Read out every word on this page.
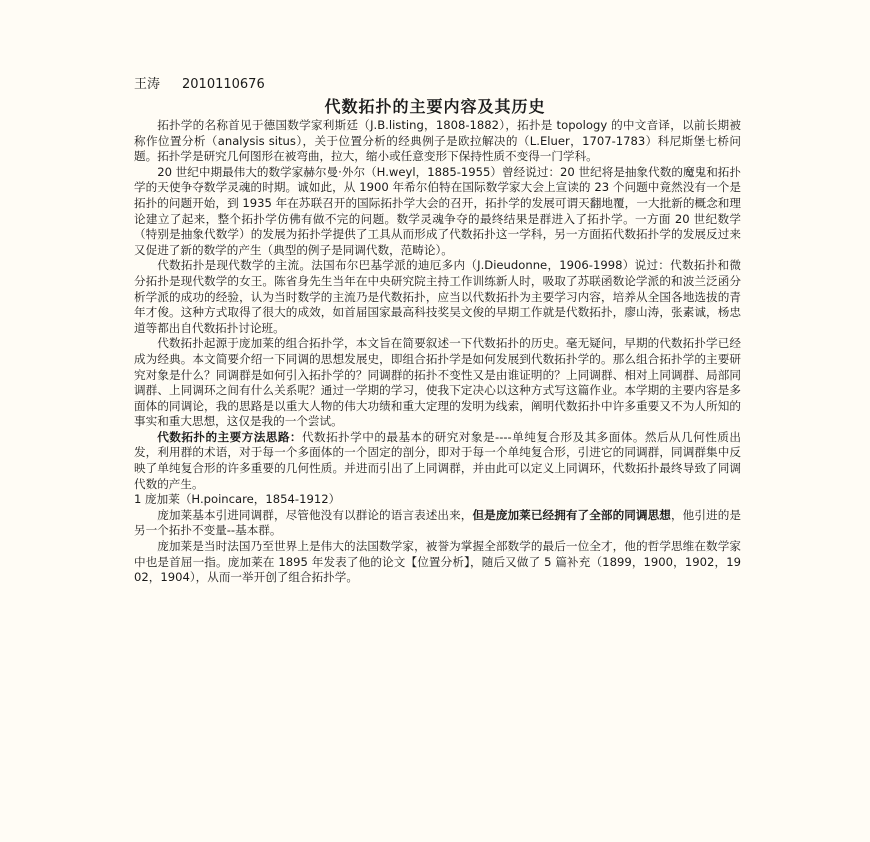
王涛 2010110676
代数拓扑的主要内容及其历史

拓扑学的名称首见于德国数学家利斯廷（J.B.listing，1808-1882），拓扑是 topology 的中文音译，以前长期被称作位置分析（analysis situs），关于位置分析的经典例子是欧拉解决的（L.Eluer，1707-1783）科尼斯堡七桥问题。拓扑学是研究几何图形在被弯曲，拉大，缩小或任意变形下保持性质不变得一门学科。

20 世纪中期最伟大的数学家赫尔曼·外尔（H.weyl，1885-1955）曾经说过：20 世纪将是抽象代数的魔鬼和拓扑学的天使争夺数学灵魂的时期。诚如此，从 1900 年希尔伯特在国际数学家大会上宣读的 23 个问题中竟然没有一个是拓扑的问题开始，到 1935 年在苏联召开的国际拓扑学大会的召开，拓扑学的发展可谓天翻地覆，一大批新的概念和理论建立了起来，整个拓扑学仿佛有做不完的问题。数学灵魂争夺的最终结果是群进入了拓扑学。一方面 20 世纪数学（特别是抽象代数学）的发展为拓扑学提供了工具从而形成了代数拓扑这一学科，另一方面拓代数拓扑学的发展反过来又促进了新的数学的产生（典型的例子是同调代数，范畴论）。

代数拓扑是现代数学的主流。法国布尔巴基学派的迪厄多内（J.Dieudonne，1906-1998）说过：代数拓扑和微分拓扑是现代数学的女王。陈省身先生当年在中央研究院主持工作训练新人时，吸取了苏联函数论学派的和波兰泛函分析学派的成功的经验，认为当时数学的主流乃是代数拓扑，应当以代数拓扑为主要学习内容，培养从全国各地选拔的青年才俊。这种方式取得了很大的成效，如首届国家最高科技奖吴文俊的早期工作就是代数拓扑，廖山涛，张素诚，杨忠道等都出自代数拓扑讨论班。

代数拓扑起源于庞加莱的组合拓扑学，本文旨在简要叙述一下代数拓扑的历史。毫无疑问，早期的代数拓扑学已经成为经典。本文简要介绍一下同调的思想发展史，即组合拓扑学是如何发展到代数拓扑学的。那么组合拓扑学的主要研究对象是什么？同调群是如何引入拓扑学的？同调群的拓扑不变性又是由谁证明的？上同调群、相对上同调群、局部同调群、上同调环之间有什么关系呢？通过一学期的学习，使我下定决心以这种方式写这篇作业。本学期的主要内容是多面体的同调论，我的思路是以重大人物的伟大功绩和重大定理的发明为线索，阐明代数拓扑中许多重要又不为人所知的事实和重大思想，这仅是我的一个尝试。

代数拓扑的主要方法思路：代数拓扑学中的最基本的研究对象是----单纯复合形及其多面体。然后从几何性质出发，利用群的术语，对于每一个多面体的一个固定的剖分，即对于每一个单纯复合形，引进它的同调群，同调群集中反映了单纯复合形的许多重要的几何性质。并进而引出了上同调群，并由此可以定义上同调环，代数拓扑最终导致了同调代数的产生。

1 庞加莱（H.poincare，1854-1912）

庞加莱基本引进同调群，尽管他没有以群论的语言表述出来，但是庞加莱已经拥有了全部的同调思想，他引进的是另一个拓扑不变量--基本群。

庞加莱是当时法国乃至世界上是伟大的法国数学家，被誉为掌握全部数学的最后一位全才，他的哲学思维在数学家中也是首屈一指。庞加莱在 1895 年发表了他的论文【位置分析】，随后又做了 5 篇补充（1899，1900，1902，1902，1904），从而一举开创了组合拓扑学。
